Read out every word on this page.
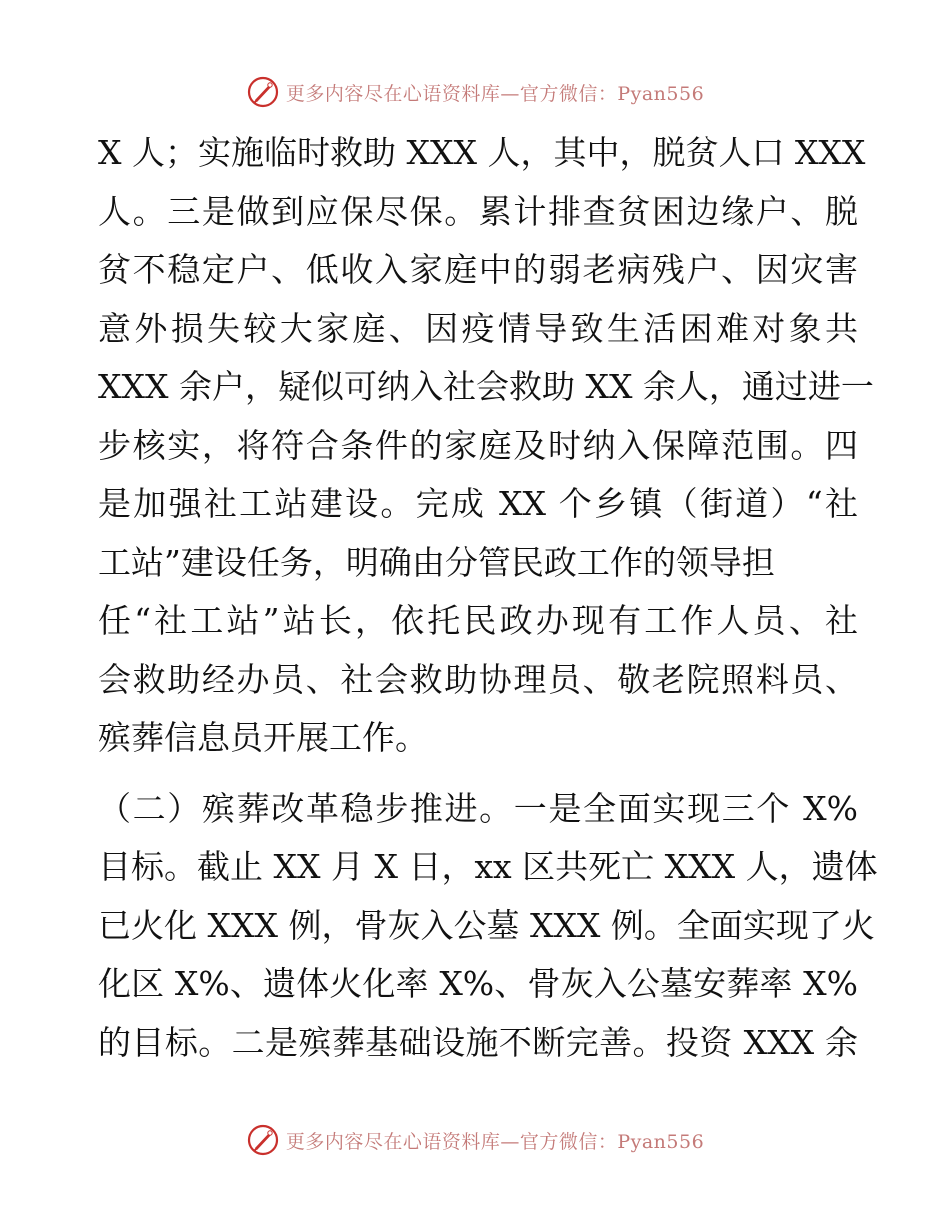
更多内容尽在心语资料库—官方微信：Pyan556
X 人；实施临时救助 XXX 人，其中，脱贫人口 XXX
人。三是做到应保尽保。累计排查贫困边缘户、脱
贫不稳定户、低收入家庭中的弱老病残户、因灾害
意外损失较大家庭、因疫情导致生活困难对象共
XXX 余户，疑似可纳入社会救助 XX 余人，通过进一
步核实，将符合条件的家庭及时纳入保障范围。四
是加强社工站建设。完成 XX 个乡镇（街道）“社
工站”建设任务，明确由分管民政工作的领导担
任“社工站”站长，依托民政办现有工作人员、社
会救助经办员、社会救助协理员、敬老院照料员、
殡葬信息员开展工作。
（二）殡葬改革稳步推进。一是全面实现三个 X%
目标。截止 XX 月 X 日，xx 区共死亡 XXX 人，遗体
已火化 XXX 例，骨灰入公墓 XXX 例。全面实现了火
化区 X%、遗体火化率 X%、骨灰入公墓安葬率 X%
的目标。二是殡葬基础设施不断完善。投资 XXX 余
更多内容尽在心语资料库—官方微信：Pyan556
